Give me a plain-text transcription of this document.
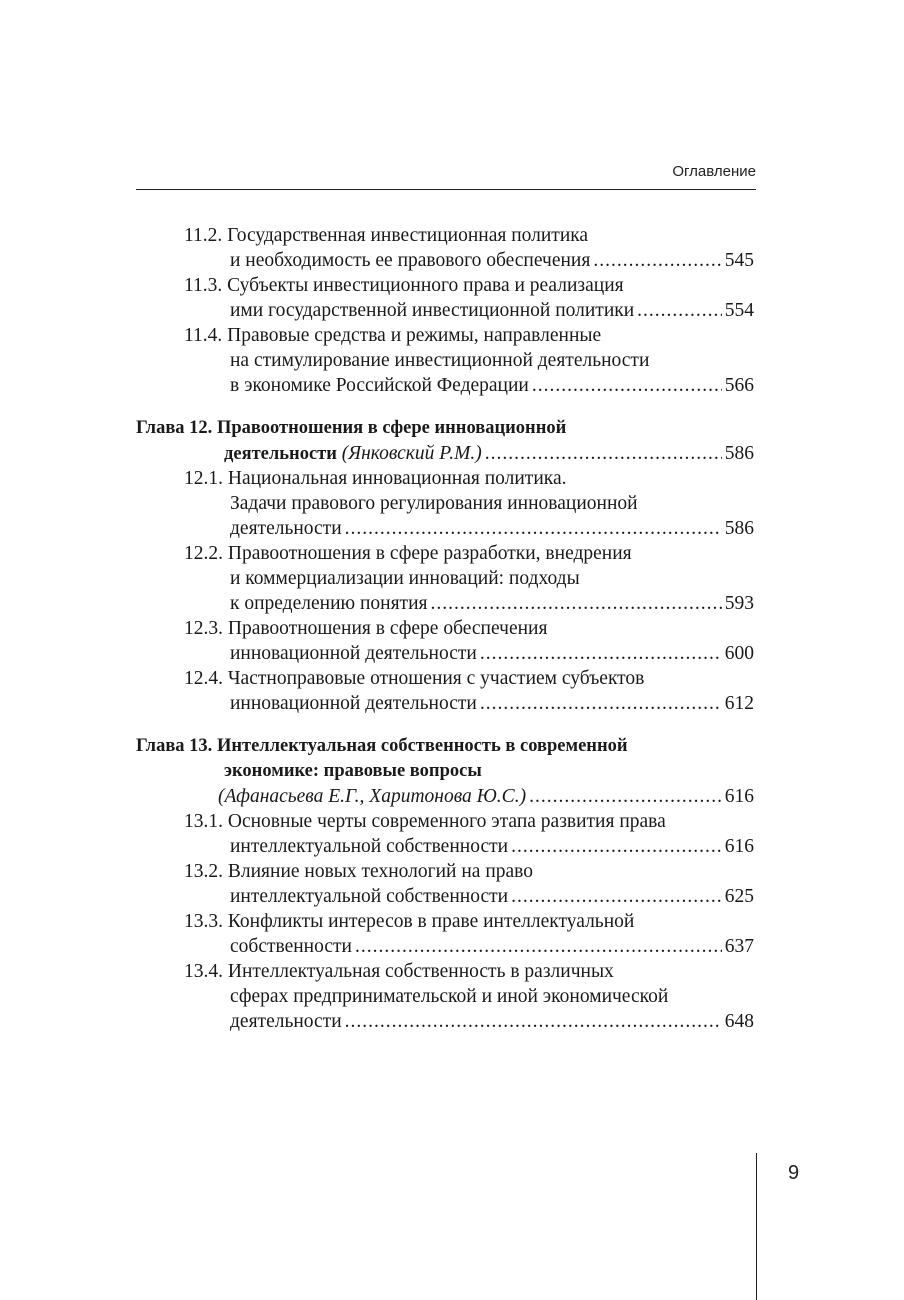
Оглавление
11.2. Государственная инвестиционная политика
и необходимость ее правового обеспечения .....	545
11.3. Субъекты инвестиционного права и реализация
ими государственной инвестиционной политики .....	554
11.4. Правовые средства и режимы, направленные
на стимулирование инвестиционной деятельности
в экономике Российской Федерации .....	566
Глава 12. Правоотношения в сфере инновационной
деятельности (Янковский Р.М.) .....	586
12.1. Национальная инновационная политика.
Задачи правового регулирования инновационной
деятельности .....	586
12.2. Правоотношения в сфере разработки, внедрения
и коммерциализации инноваций: подходы
к определению понятия .....	593
12.3. Правоотношения в сфере обеспечения
инновационной деятельности .....	600
12.4. Частноправовые отношения с участием субъектов
инновационной деятельности .....	612
Глава 13. Интеллектуальная собственность в современной
экономике: правовые вопросы
(Афанасьева Е.Г., Харитонова Ю.С.) .....	616
13.1. Основные черты современного этапа развития права
интеллектуальной собственности .....	616
13.2. Влияние новых технологий на право
интеллектуальной собственности .....	625
13.3. Конфликты интересов в праве интеллектуальной
собственности .....	637
13.4. Интеллектуальная собственность в различных
сферах предпринимательской и иной экономической
деятельности .....	648
9
